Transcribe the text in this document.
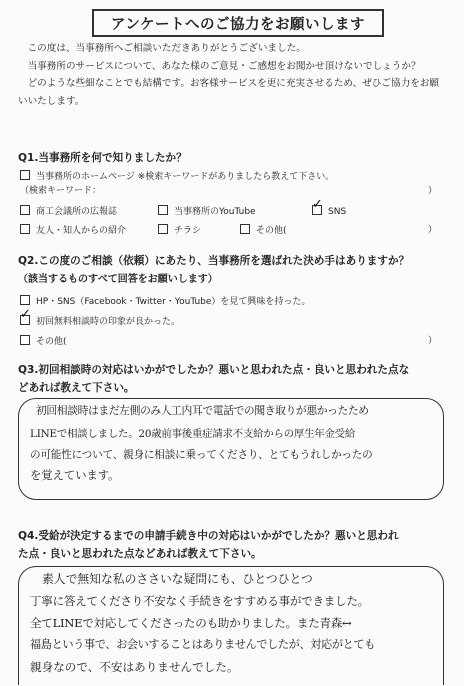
アンケートへのご協力をお願いします

この度は、当事務所へご相談いただきありがとうございました。

当事務所のサービスについて、あなた様のご意見・ご感想をお聞かせ頂けないでしょうか？

どのような些細なことでも結構です。お客様サービスを更に充実させるため、ぜひご協力をお願いいたします。

Q1.当事務所を何で知りましたか？
当事務所のホームページ ※検索キーワードがありましたら教えて下さい。
（検索キーワード：	）
商工会議所の広報誌	当事務所のYouTube
✓	SNS
友人・知人からの紹介	チラシ	その他(	）
Q2.この度のご相談（依頼）にあたり、当事務所を選ばれた決め手はありますか？
（該当するものすべて回答をお願いします）
HP・SNS（Facebook・Twitter・YouTube）を見て興味を持った。
✓初回無料相談時の印象が良かった。
その他(	）
Q3.初回相談時の対応はいかがでしたか？悪いと思われた点・良いと思われた点な
どあれば教えて下さい。
初回相談時はまだ左側のみ人工内耳で電話での聞き取りが悪かったため
LINEで相談しました。20歳前事後重症請求不支給からの厚生年金受給
の可能性について、親身に相談に乗ってくださり、とてもうれしかったの
を覚えています。
Q4.受給が決定するまでの申請手続き中の対応はいかがでしたか？悪いと思われ
た点・良いと思われた点などあれば教えて下さい。
素人で無知な私のささいな疑問にも、ひとつひとつ
丁寧に答えてくださり不安なく手続きをすすめる事ができました。
全てLINEで対応してくださったのも助かりました。また青森↔
福島という事で、お会いすることはありませんでしたが、対応がとても
親身なので、不安はありませんでした。
